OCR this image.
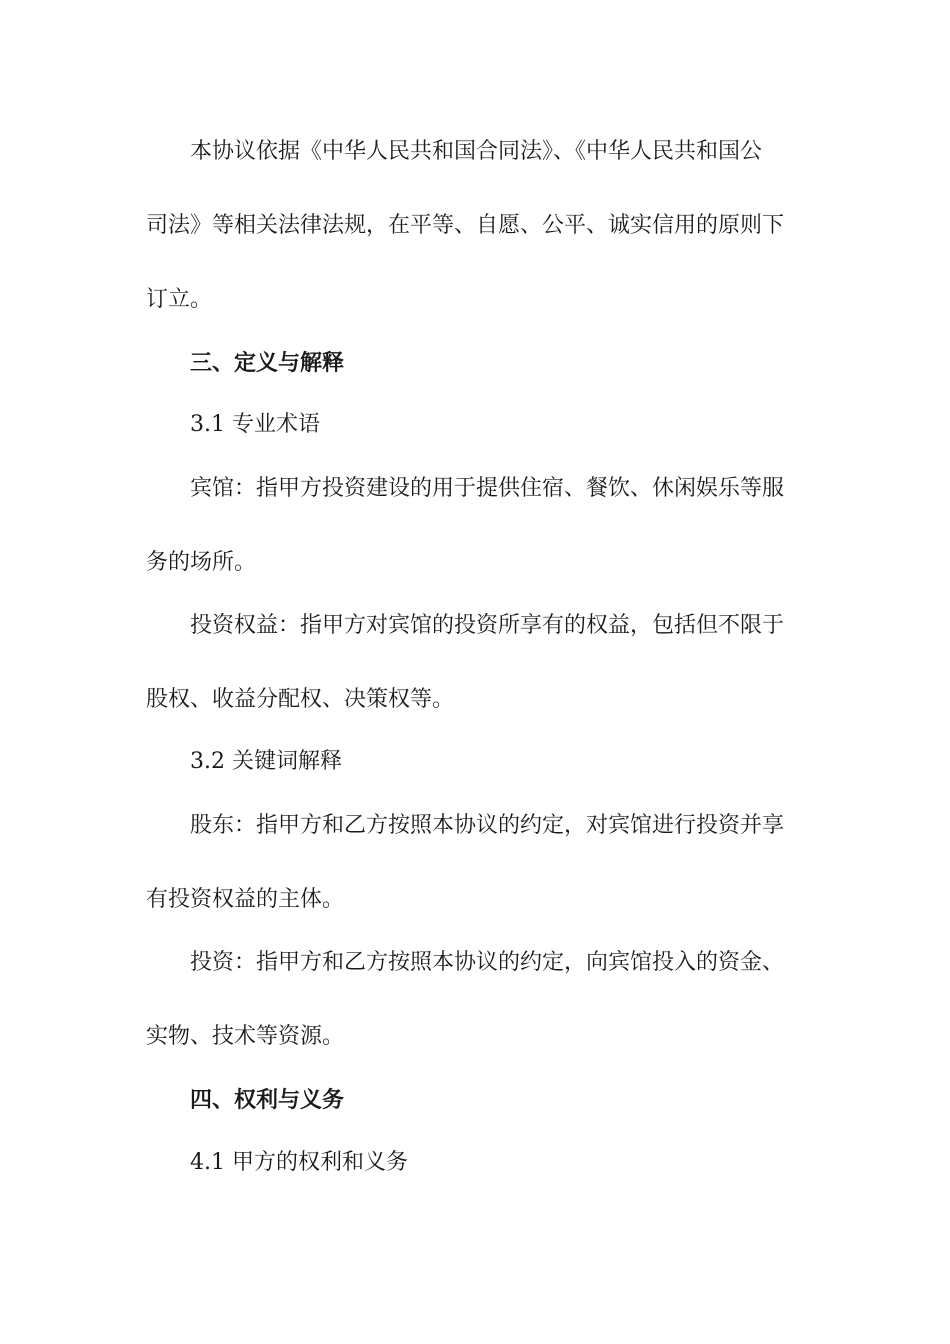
本协议依据《中华人民共和国合同法》、《中华人民共和国公
司法》等相关法律法规，在平等、自愿、公平、诚实信用的原则下
订立。
三、定义与解释
3.1 专业术语
宾馆：指甲方投资建设的用于提供住宿、餐饮、休闲娱乐等服
务的场所。
投资权益：指甲方对宾馆的投资所享有的权益，包括但不限于
股权、收益分配权、决策权等。
3.2 关键词解释
股东：指甲方和乙方按照本协议的约定，对宾馆进行投资并享
有投资权益的主体。
投资：指甲方和乙方按照本协议的约定，向宾馆投入的资金、
实物、技术等资源。
四、权利与义务
4.1 甲方的权利和义务
